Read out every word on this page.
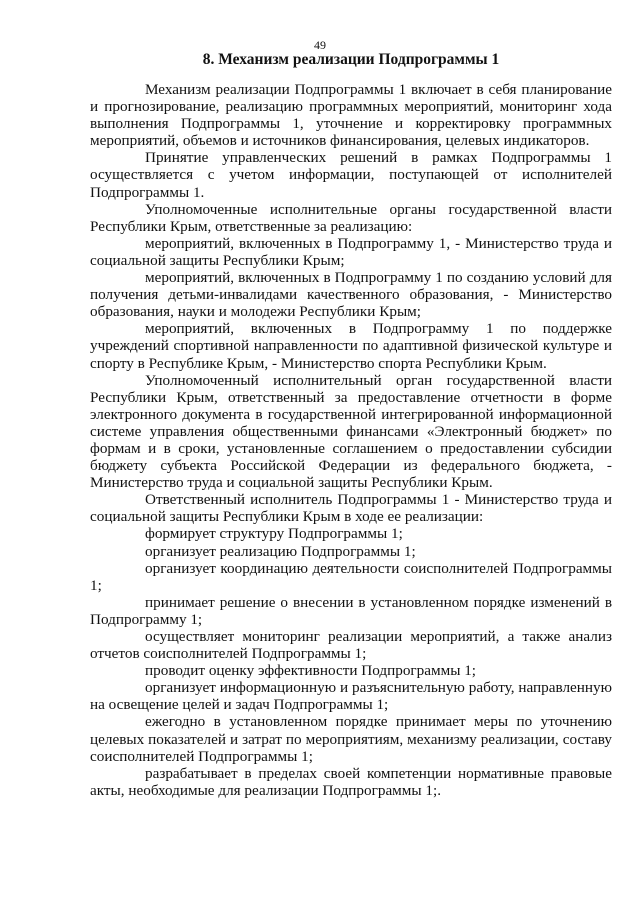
49
8. Механизм реализации Подпрограммы 1

Механизм реализации Подпрограммы 1 включает в себя планирование и прогнозирование, реализацию программных мероприятий, мониторинг хода выполнения Подпрограммы 1, уточнение и корректировку программных мероприятий, объемов и источников финансирования, целевых индикаторов.

Принятие управленческих решений в рамках Подпрограммы 1 осуществляется с учетом информации, поступающей от исполнителей Подпрограммы 1.

Уполномоченные исполнительные органы государственной власти Республики Крым, ответственные за реализацию:

мероприятий, включенных в Подпрограмму 1, - Министерство труда и социальной защиты Республики Крым;

мероприятий, включенных в Подпрограмму 1 по созданию условий для получения детьми-инвалидами качественного образования, - Министерство образования, науки и молодежи Республики Крым;

мероприятий, включенных в Подпрограмму 1 по поддержке учреждений спортивной направленности по адаптивной физической культуре и спорту в Республике Крым, - Министерство спорта Республики Крым.

Уполномоченный исполнительный орган государственной власти Республики Крым, ответственный за предоставление отчетности в форме электронного документа в государственной интегрированной информационной системе управления общественными финансами «Электронный бюджет» по формам и в сроки, установленные соглашением о предоставлении субсидии бюджету субъекта Российской Федерации из федерального бюджета, - Министерство труда и социальной защиты Республики Крым.

Ответственный исполнитель Подпрограммы 1 - Министерство труда и социальной защиты Республики Крым в ходе ее реализации:

формирует структуру Подпрограммы 1;

организует реализацию Подпрограммы 1;

организует координацию деятельности соисполнителей Подпрограммы 1;

принимает решение о внесении в установленном порядке изменений в Подпрограмму 1;

осуществляет мониторинг реализации мероприятий, а также анализ отчетов соисполнителей Подпрограммы 1;

проводит оценку эффективности Подпрограммы 1;

организует информационную и разъяснительную работу, направленную на освещение целей и задач Подпрограммы 1;

ежегодно в установленном порядке принимает меры по уточнению целевых показателей и затрат по мероприятиям, механизму реализации, составу соисполнителей Подпрограммы 1;

разрабатывает в пределах своей компетенции нормативные правовые акты, необходимые для реализации Подпрограммы 1;.
